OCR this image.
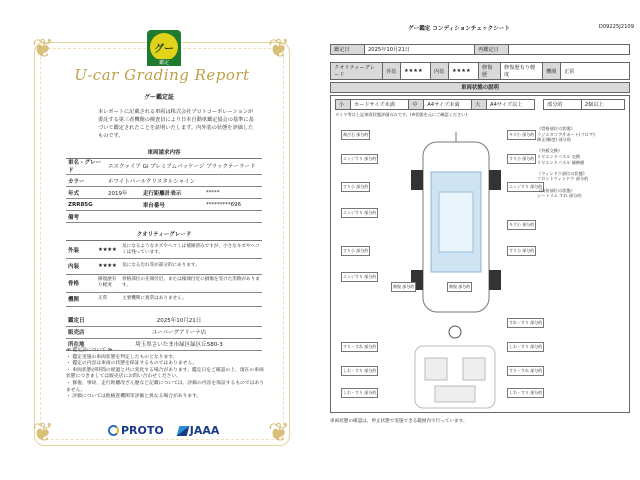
❦	❦
❦	❦
グー
鑑定
U-car Grading Report
グー鑑定証
本レポートに記載される車両は株式会社プロトコーポレーションが委託する第三者機関の検査員により日本自動車鑑定協会の基準に基づいて鑑定されたことを証明いたします。内外装の状態を評価したものです。
車両請求内容
車名・グレード	エスクァイア Gi プレミアムパッケージ ブラックテーラード		
カラー	ホワイトパールクリスタルシャイン		
年式	2019年	走行距離計表示	*****
ZRR85G		車台番号	*********696
備考			
クオリティーグレード
外装	★★★★	気になるようなキズやヘコミは補修済みですが、小さなキズやヘコミは残っています。
内装	★★★★	気になる汚れ等が部分的にあります。
骨格	修復歴有り軽度	骨格部位の先端付近、または後端付近に損傷を受けた形跡があります。
機関	正常	主要機関に異常はありません。
鑑定日	2025年10月21日
販売店	ユーバーグアリーナ店
所在地	埼玉県さいたま市緑区緑区丘580-3
≪ 鑑定証について ≫
・ 鑑定実施の車両状態を判定したものとなります。
・ 鑑定の内容は車両の状態を保証するものではありません。
・ 車両状態が時間の経過と共に変化する場合があります。鑑定日をご確認の上、現在の車両状態につきましては販売店にお問い合わせください。
・ 修復、事故、走行距離改ざん歴など記載については、評価の内容を保証するものではありません。
・ 評価については他検査機関等評価と異なる場合があります。
PROTO JAAA
グー鑑定 コンディションチェックシート	D09225J2109
鑑定日	2025年10月21日	再鑑定日	
クオリティーグレード	外装	★★★★	内装	★★★★	修復歴	修復歴有り軽度	機関	正常
車両状態の説明
小	カードサイズ未満	中	A4サイズ未満	大	A4サイズ以上	部分的	2個以上
タイヤ等は上記車両状態評価のみです。(※状態を元にご確認ください)
飛び石 部分的
エッジすり 部分的
すり小 部分的
エッジすり 部分的
すり小 部分的
エッジすり 部分的
キズ小 部分的
すり小 部分的
エッジすり 部分的
キズ小 部分的
すり小 部分的
修復 部分的	修復 部分的
《骨格部位の状態》
ラジエタコアサポート(フロア)
修正(軽度) 部分的

《外板交換》
リヤエンドパネル 交換
リヤエンドパネル 補修歴

《ウィンドウ部位の状態》
フロントウィンドウ 部分的

《内装部位の状態》
シートリム すれ 部分的
すり・すれ 部分的
しわ・すり 部分的
しわ・すり 部分的
すれ・すり 部分的
しわ・すり 部分的
すり・すれ 部分的
しわ・すり 部分的
車両状態の確認は、停止状態で実施できる範囲内で行っています。
